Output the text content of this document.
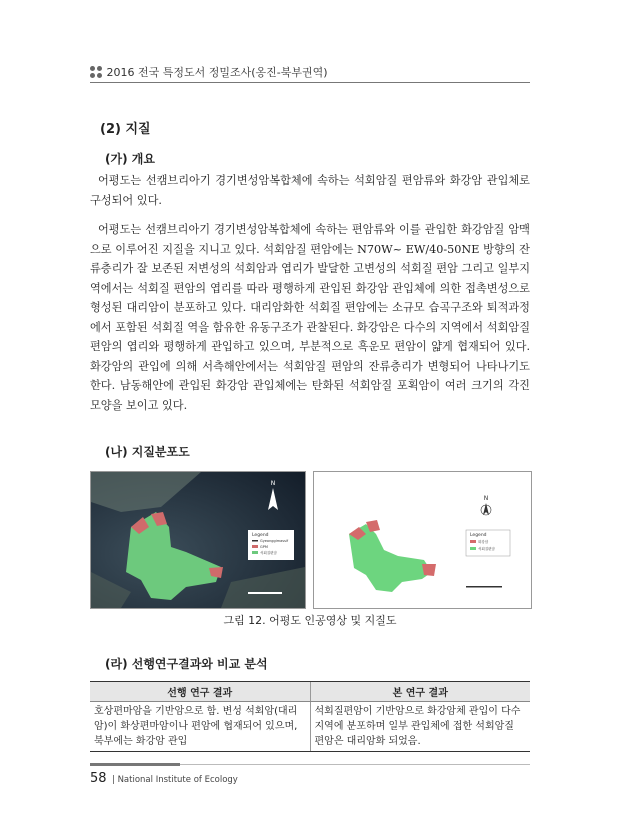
2016 전국 특정도서 정밀조사(옹진-북부권역)
(2) 지질
(가) 개요
어평도는 선캠브리아기 경기변성암복합체에 속하는 석회암질 편암류와 화강암 관입체로 구성되어 있다.
어평도는 선캠브리아기 경기변성암복합체에 속하는 편암류와 이를 관입한 화강암질 암맥으로 이루어진 지질을 지니고 있다. 석회암질 편암에는 N70W~ EW/40-50NE 방향의 잔류층리가 잘 보존된 저변성의 석회암과 엽리가 발달한 고변성의 석회질 편암 그리고 일부지역에서는 석회질 편암의 엽리를 따라 평행하게 관입된 화강암 관입체에 의한 접촉변성으로 형성된 대리암이 분포하고 있다. 대리암화한 석회질 편암에는 소규모 습곡구조와 퇴적과정에서 포함된 석회질 역을 함유한 유동구조가 관찰된다. 화강암은 다수의 지역에서 석회암질 편암의 엽리와 평행하게 관입하고 있으며, 부분적으로 흑운모 편암이 얇게 협재되어 있다. 화강암의 관입에 의해 서측해안에서는 석회암질 편암의 잔류층리가 변형되어 나타나기도 한다. 남동해안에 관입된 화강암 관입체에는 탄화된 석회암질 포획암이 여러 크기의 각진 모양을 보이고 있다.
(나) 지질분포도
N
Legend
Gyeonggimassif
GPM
석회질편암
N
Legend
화강암
석회질편암
그림 12. 어평도 인공영상 및 지질도
(라) 선행연구결과와 비교 분석
선행 연구 결과	본 연구 결과
호상편마암을 기반암으로 함. 변성 석회암(대리암)이 화상편마암이나 편암에 협재되어 있으며, 북부에는 화강암 관입	석회질편암이 기반암으로 화강암체 관입이 다수 지역에 분포하며 일부 관입체에 접한 석회암질 편암은 대리암화 되었음.
58 | National Institute of Ecology
